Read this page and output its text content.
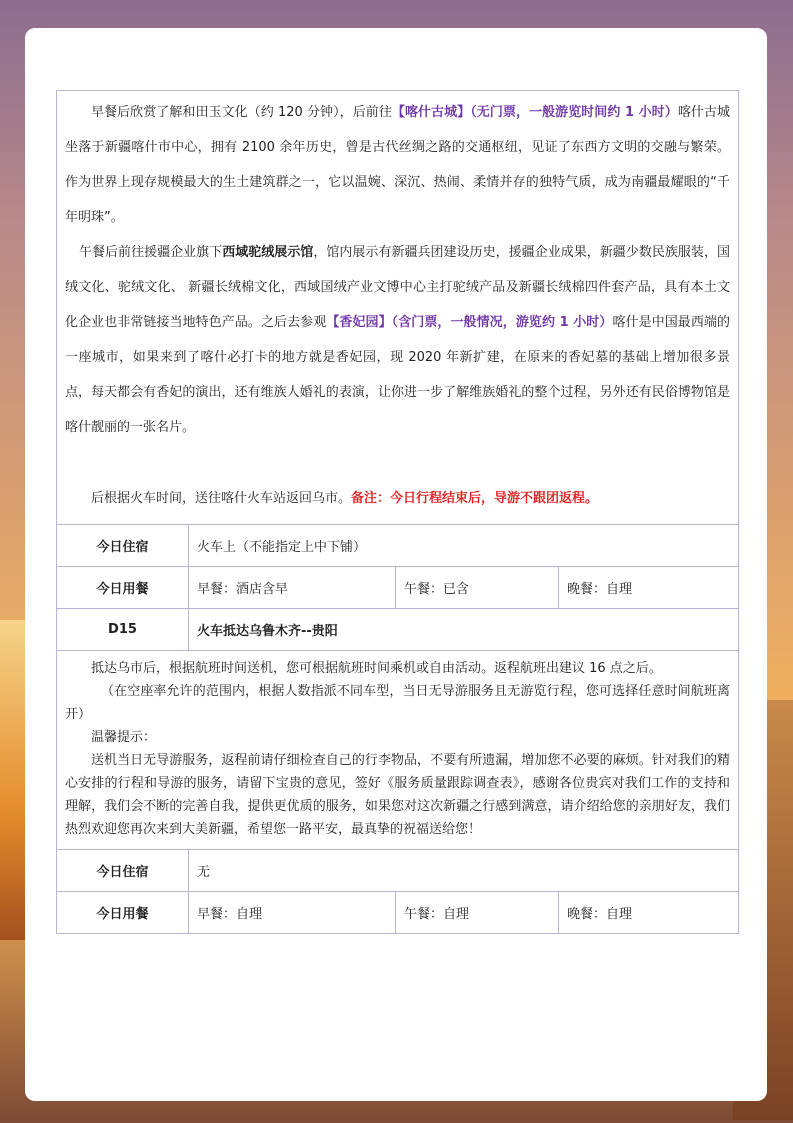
早餐后欣赏了解和田玉文化（约 120 分钟），后前往【喀什古城】（无门票，一般游览时间约 1 小时）喀什古城坐落于新疆喀什市中心，拥有 2100 余年历史，曾是古代丝绸之路的交通枢纽，见证了东西方文明的交融与繁荣。作为世界上现存规模最大的生土建筑群之一，它以温婉、深沉、热闹、柔情并存的独特气质，成为南疆最耀眼的“千年明珠”。

午餐后前往援疆企业旗下西域驼绒展示馆，馆内展示有新疆兵团建设历史，援疆企业成果，新疆少数民族服装，国绒文化、驼绒文化、 新疆长绒棉文化，西域国绒产业文博中心主打驼绒产品及新疆长绒棉四件套产品，具有本土文化企业也非常链接当地特色产品。之后去参观【香妃园】（含门票，一般情况，游览约 1 小时）喀什是中国最西端的一座城市，如果来到了喀什必打卡的地方就是香妃园，现 2020 年新扩建，在原来的香妃墓的基础上增加很多景点，每天都会有香妃的演出，还有维族人婚礼的表演，让你进一步了解维族婚礼的整个过程，另外还有民俗博物馆是喀什靓丽的一张名片。

后根据火车时间，送往喀什火车站返回乌市。备注：今日行程结束后，导游不跟团返程。

今日住宿	火车上（不能指定上中下铺）
今日用餐	早餐：酒店含早	午餐：已含	晚餐：自理
D15	火车抵达乌鲁木齐--贵阳

抵达乌市后，根据航班时间送机，您可根据航班时间乘机或自由活动。返程航班出建议 16 点之后。

（在空座率允许的范围内，根据人数指派不同车型，当日无导游服务且无游览行程，您可选择任意时间航班离开）

温馨提示：

送机当日无导游服务，返程前请仔细检查自己的行李物品，不要有所遗漏，增加您不必要的麻烦。针对我们的精心安排的行程和导游的服务，请留下宝贵的意见，签好《服务质量跟踪调查表》，感谢各位贵宾对我们工作的支持和理解，我们会不断的完善自我，提供更优质的服务，如果您对这次新疆之行感到满意，请介绍给您的亲朋好友，我们热烈欢迎您再次来到大美新疆，希望您一路平安，最真挚的祝福送给您！

今日住宿	无
今日用餐	早餐：自理	午餐：自理	晚餐：自理
